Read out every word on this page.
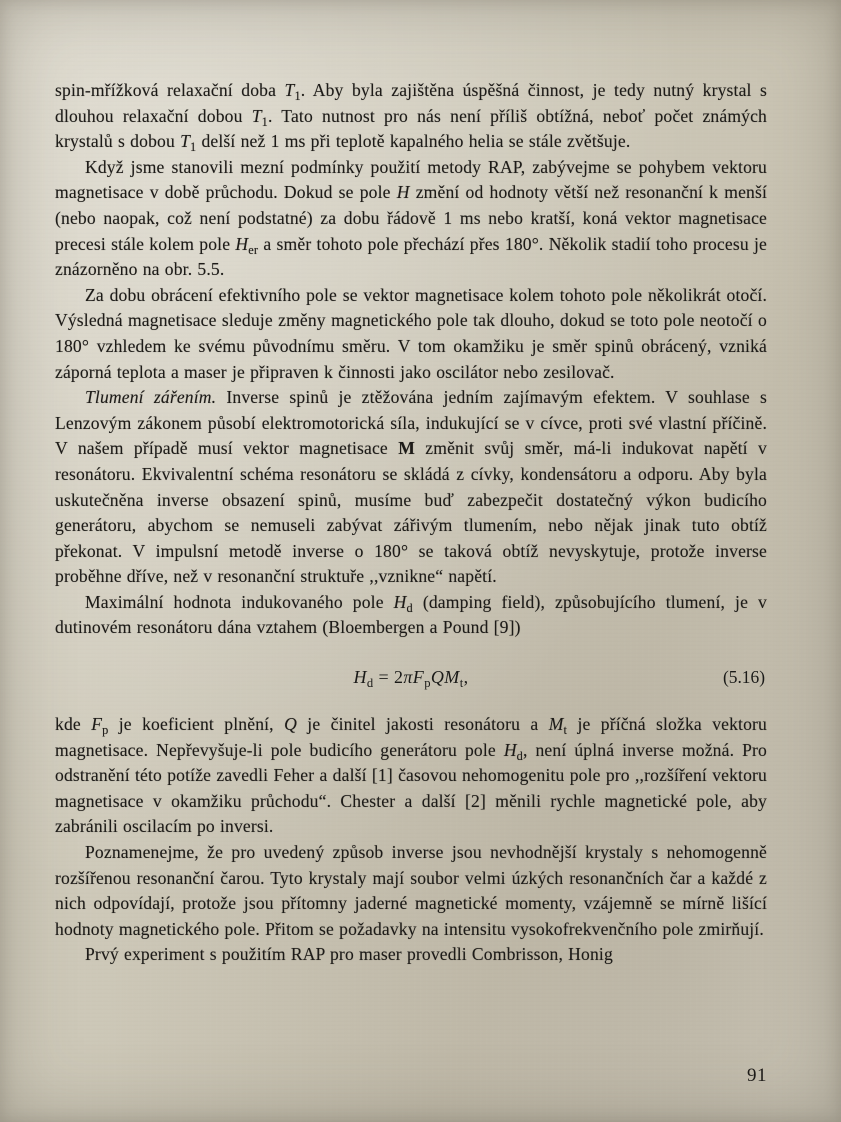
spin-mřížková relaxační doba $T_1$. Aby byla zajištěna úspěšná činnost, je tedy nutný krystal s dlouhou relaxační dobou $T_1$. Tato nutnost pro nás není příliš obtížná, neboť počet známých krystalů s dobou $T_1$ delší než 1 ms při teplotě kapalného helia se stále zvětšuje.

Když jsme stanovili mezní podmínky použití metody RAP, zabývejme se pohybem vektoru magnetisace v době průchodu. Dokud se pole H změní od hodnoty větší než resonanční k menší (nebo naopak, což není podstatné) za dobu řádově 1 ms nebo kratší, koná vektor magnetisace precesi stále kolem pole $H_{er}$ a směr tohoto pole přechází přes 180°. Několik stadií toho procesu je znázorněno na obr. 5.5.

Za dobu obrácení efektivního pole se vektor magnetisace kolem tohoto pole několikrát otočí. Výsledná magnetisace sleduje změny magnetického pole tak dlouho, dokud se toto pole neotočí o 180° vzhledem ke svému původnímu směru. V tom okamžiku je směr spinů obrácený, vzniká záporná teplota a maser je připraven k činnosti jako oscilátor nebo zesilovač.

Tlumení zářením. Inverse spinů je ztěžována jedním zajímavým efektem. V souhlase s Lenzovým zákonem působí elektromotorická síla, indukující se v cívce, proti své vlastní příčině. V našem případě musí vektor magnetisace M změnit svůj směr, má-li indukovat napětí v resonátoru. Ekvivalentní schéma resonátoru se skládá z cívky, kondensátoru a odporu. Aby byla uskutečněna inverse obsazení spinů, musíme buď zabezpečit dostatečný výkon budicího generátoru, abychom se nemuseli zabývat zářivým tlumením, nebo nějak jinak tuto obtíž překonat. V impulsní metodě inverse o 180° se taková obtíž nevyskytuje, protože inverse proběhne dříve, než v resonanční struktuře ,,vznikne“ napětí.

Maximální hodnota indukovaného pole $H_d$ (damping field), způsobujícího tlumení, je v dutinovém resonátoru dána vztahem (Bloembergen a Pound [9])

$H_d = 2\pi F_pQM_t$,	(5.16)

kde $F_p$ je koeficient plnění, Q je činitel jakosti resonátoru a $M_t$ je příčná složka vektoru magnetisace. Nepřevyšuje-li pole budicího generátoru pole $H_d$, není úplná inverse možná. Pro odstranění této potíže zavedli Feher a další [1] časovou nehomogenitu pole pro ,,rozšíření vektoru magnetisace v okamžiku průchodu“. Chester a další [2] měnili rychle magnetické pole, aby zabránili oscilacím po inversi.

Poznamenejme, že pro uvedený způsob inverse jsou nevhodnější krystaly s nehomogenně rozšířenou resonanční čarou. Tyto krystaly mají soubor velmi úzkých resonančních čar a každé z nich odpovídají, protože jsou přítomny jaderné magnetické momenty, vzájemně se mírně lišící hodnoty magnetického pole. Přitom se požadavky na intensitu vysokofrekvenčního pole zmirňují.

Prvý experiment s použitím RAP pro maser provedli Combrisson, Honig

91
